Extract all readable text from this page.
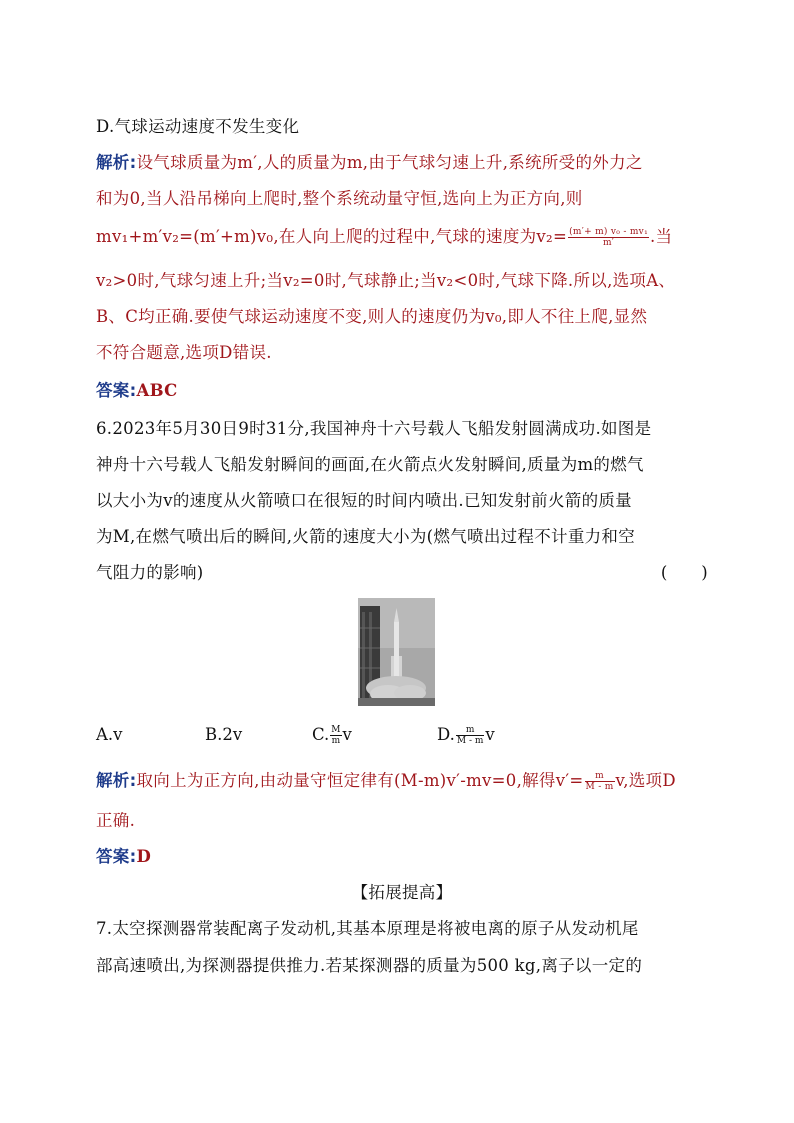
D.气球运动速度不发生变化
解析:设气球质量为m′,人的质量为m,由于气球匀速上升,系统所受的外力之
和为0,当人沿吊梯向上爬时,整个系统动量守恒,选向上为正方向,则
mv₁+m′v₂=(m′+m)v₀,在人向上爬的过程中,气球的速度为$v_2= \frac{\text{(m′+ m) v₀ - mv₁}}{m'}$ .当
v₂>0时,气球匀速上升;当v₂=0时,气球静止;当v₂<0时,气球下降.所以,选项A、
B、C均正确.要使气球运动速度不变,则人的速度仍为v₀,即人不往上爬,显然
不符合题意,选项D错误.
答案:ABC
6.2023年5月30日9时31分,我国神舟十六号载人飞船发射圆满成功.如图是
神舟十六号载人飞船发射瞬间的画面,在火箭点火发射瞬间,质量为m的燃气
以大小为v的速度从火箭喷口在很短的时间内喷出.已知发射前火箭的质量
为M,在燃气喷出后的瞬间,火箭的速度大小为(燃气喷出过程不计重力和空
气阻力的影响)	(　　)
A.v	B.2v	C. $\frac{M}{m}$ v	D. $\frac{m}{M - m}$ v
解析:取向上为正方向,由动量守恒定律有(M-m)v′-mv=0,解得$v'= \frac{m}{M - m} v$,选项D
正确.
答案:D
【拓展提高】
7.太空探测器常装配离子发动机,其基本原理是将被电离的原子从发动机尾
部高速喷出,为探测器提供推力.若某探测器的质量为500 kg,离子以一定的
